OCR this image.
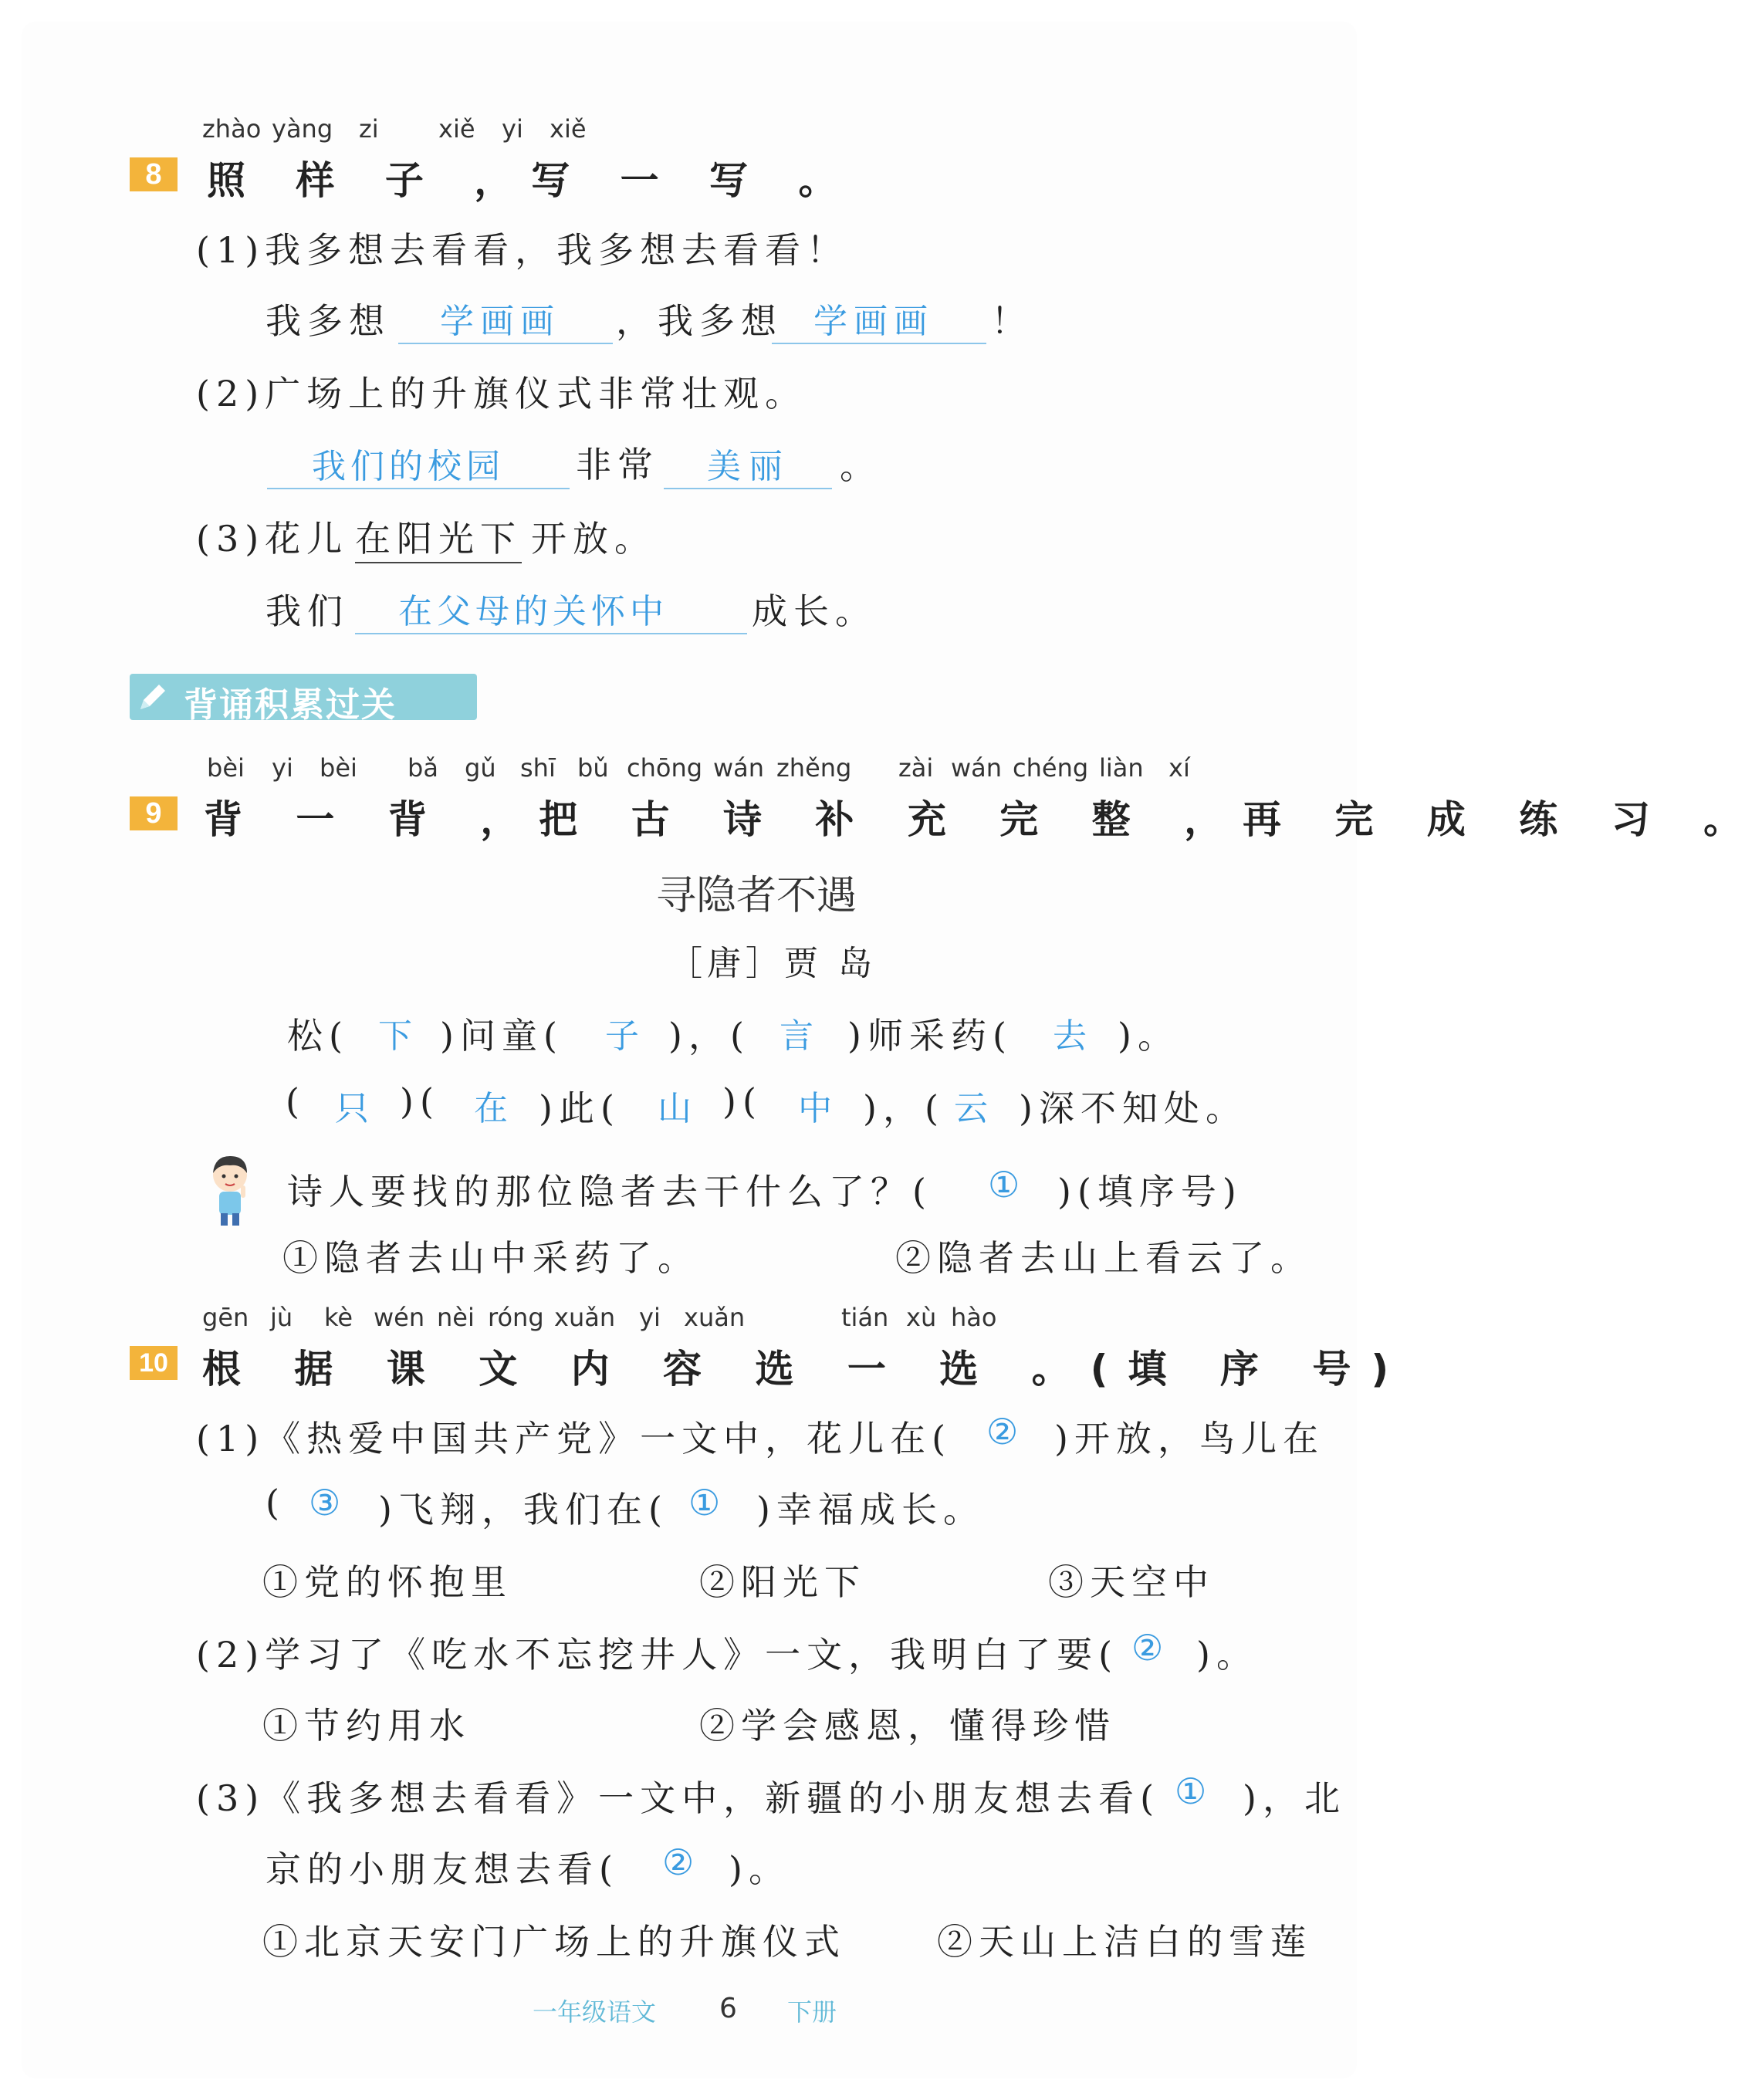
zhào yàng zi xiě yi xiě
8	照 样 子 ，写 一 写 。
(1)我多想去看看，我多想去看看！
我多想 学画画 ，我多想 学画画 ！
(2)广场上的升旗仪式非常壮观。
我们的校园 非常 美丽 。
(3)花儿 在阳光下 开放。
我们 在父母的关怀中 成长。
背诵积累过关
bèi yi bèi bǎ gǔ shī bǔ chōng wán zhěng zài wán chéng liàn xí
9	背 一 背 ，把 古 诗 补 充 完 整 ，再 完 成 练 习 。
寻隐者不遇
［唐］贾 岛
松( 下 )问童( 子 )，( 言 )师采药( 去 )。
( 只 )( 在 )此( 山 )( 中 )，( 云 )深不知处。
诗人要找的那位隐者去干什么了？( ① )(填序号)
①隐者去山中采药了。	②隐者去山上看云了。
gēn jù kè wén nèi róng xuǎn yi xuǎn	tián xù hào
10 根 据 课 文 内 容 选 一 选 。(填 序 号)
(1)《热爱中国共产党》一文中，花儿在( ② )开放，鸟儿在
( ③ )飞翔，我们在( ① )幸福成长。
①党的怀抱里	②阳光下	③天空中
(2)学习了《吃水不忘挖井人》一文，我明白了要( ② )。
①节约用水	②学会感恩，懂得珍惜
(3)《我多想去看看》一文中，新疆的小朋友想去看( ① )，北
京的小朋友想去看( ② )。
①北京天安门广场上的升旗仪式	②天山上洁白的雪莲
一年级语文 6 下册
